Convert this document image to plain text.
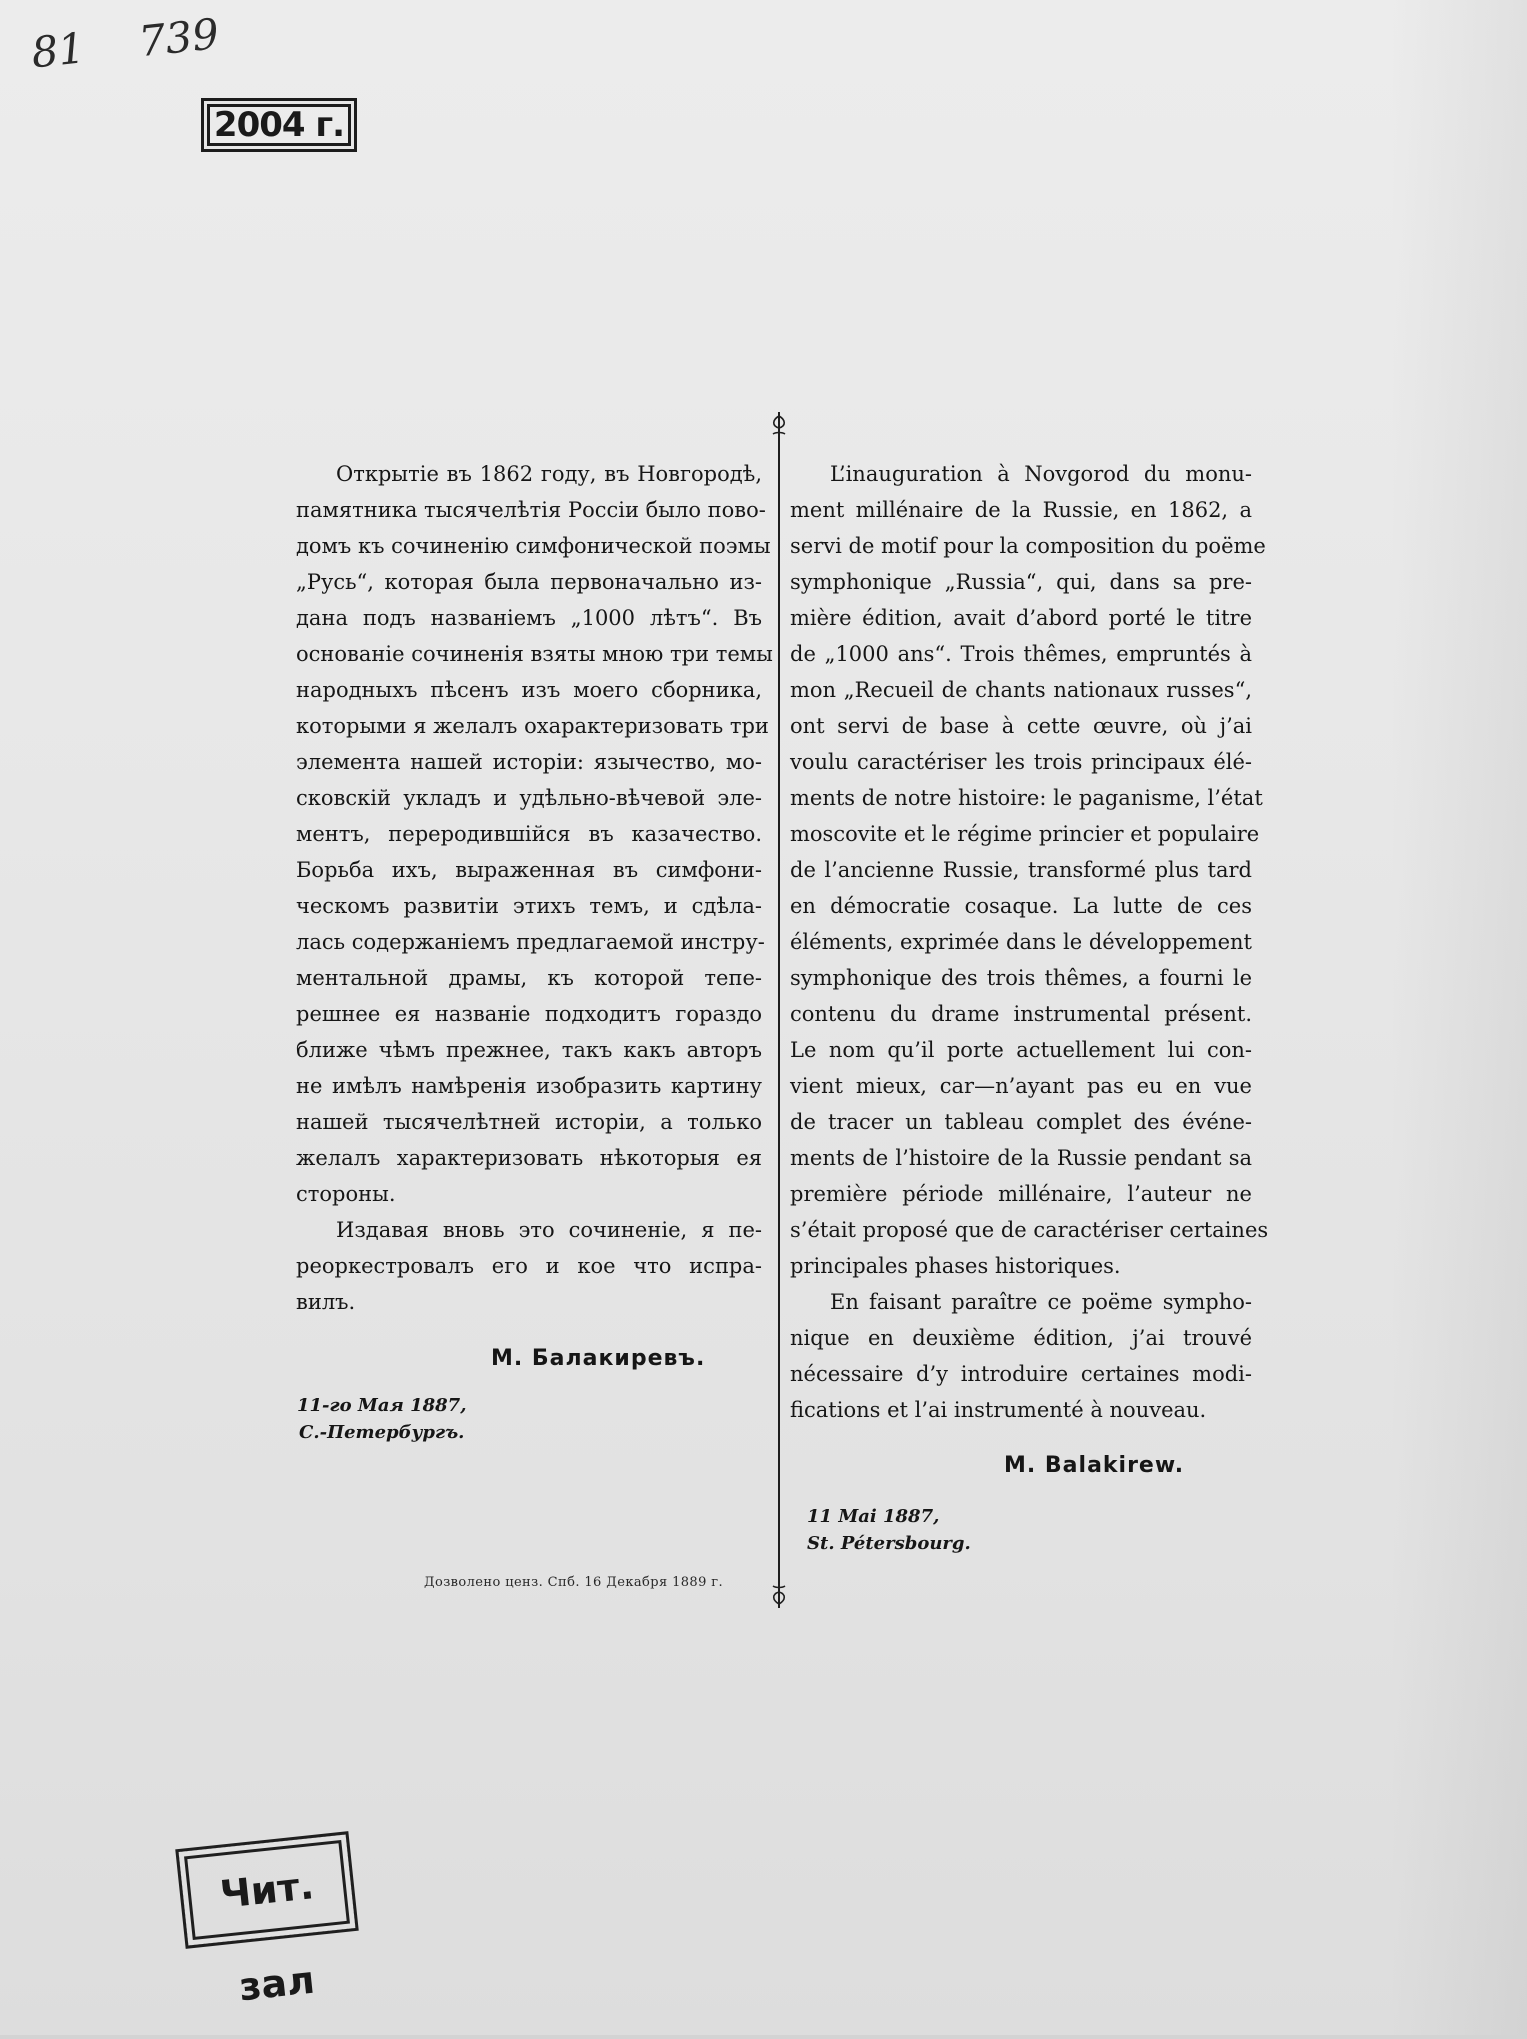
81 739
2004 г.
Открытіе въ 1862 году, въ Новгородѣ,
памятника тысячелѣтія Россіи было пово-
домъ къ сочиненію симфонической поэмы
„Русь“, которая была первоначально из-
дана подъ названіемъ „1000 лѣтъ“. Въ
основаніе сочиненія взяты мною три темы
народныхъ пѣсенъ изъ моего сборника,
которыми я желалъ охарактеризовать три
элемента нашей исторіи: язычество, мо-
сковскій укладъ и удѣльно-вѣчевой эле-
ментъ, переродившійся въ казачество.
Борьба ихъ, выраженная въ симфони-
ческомъ развитіи этихъ темъ, и сдѣла-
лась содержаніемъ предлагаемой инстру-
ментальной драмы, къ которой тепе-
решнее ея названіе подходитъ гораздо
ближе чѣмъ прежнее, такъ какъ авторъ
не имѣлъ намѣренія изобразить картину
нашей тысячелѣтней исторіи, а только
желалъ характеризовать нѣкоторыя ея
стороны.
Издавая вновь это сочиненіе, я пе-
реоркестровалъ его и кое что испра-
вилъ.
М. Балакиревъ.
11-го Мая 1887,
С.-Петербургъ.
Дозволено ценз. Спб. 16 Декабря 1889 г.
L’inauguration à Novgorod du monu-
ment millénaire de la Russie, en 1862, a
servi de motif pour la composition du poëme
symphonique „Russia“, qui, dans sa pre-
mière édition, avait d’abord porté le titre
de „1000 ans“. Trois thêmes, empruntés à
mon „Recueil de chants nationaux russes“,
ont servi de base à cette œuvre, où j’ai
voulu caractériser les trois principaux élé-
ments de notre histoire: le paganisme, l’état
moscovite et le régime princier et populaire
de l’ancienne Russie, transformé plus tard
en démocratie cosaque. La lutte de ces
éléments, exprimée dans le développement
symphonique des trois thêmes, a fourni le
contenu du drame instrumental présent.
Le nom qu’il porte actuellement lui con-
vient mieux, car—n’ayant pas eu en vue
de tracer un tableau complet des événe-
ments de l’histoire de la Russie pendant sa
première période millénaire, l’auteur ne
s’était proposé que de caractériser certaines
principales phases historiques.
En faisant paraître ce poëme sympho-
nique en deuxième édition, j’ai trouvé
nécessaire d’y introduire certaines modi-
fications et l’ai instrumenté à nouveau.
M. Balakirew.
11 Mai 1887,
St. Pétersbourg.
Чит. зал
